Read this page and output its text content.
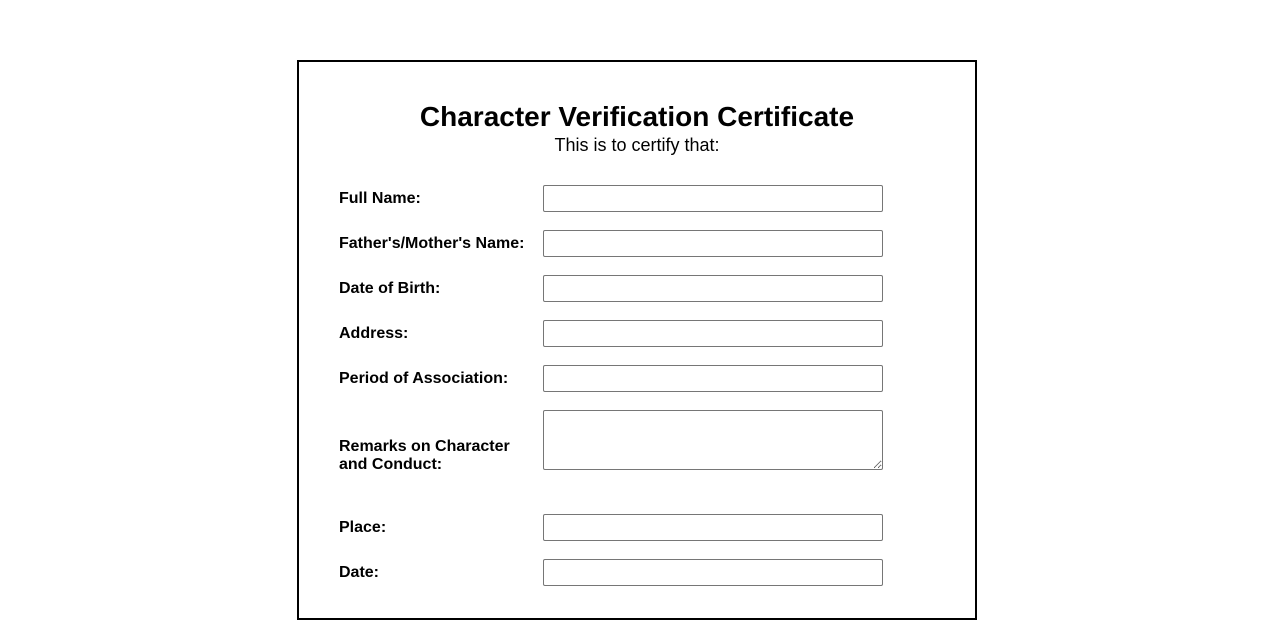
Character Verification Certificate

This is to certify that:

Full Name:
Father's/Mother's Name:
Date of Birth:
Address:
Period of Association:
Remarks on Character and Conduct:
Place:
Date:
